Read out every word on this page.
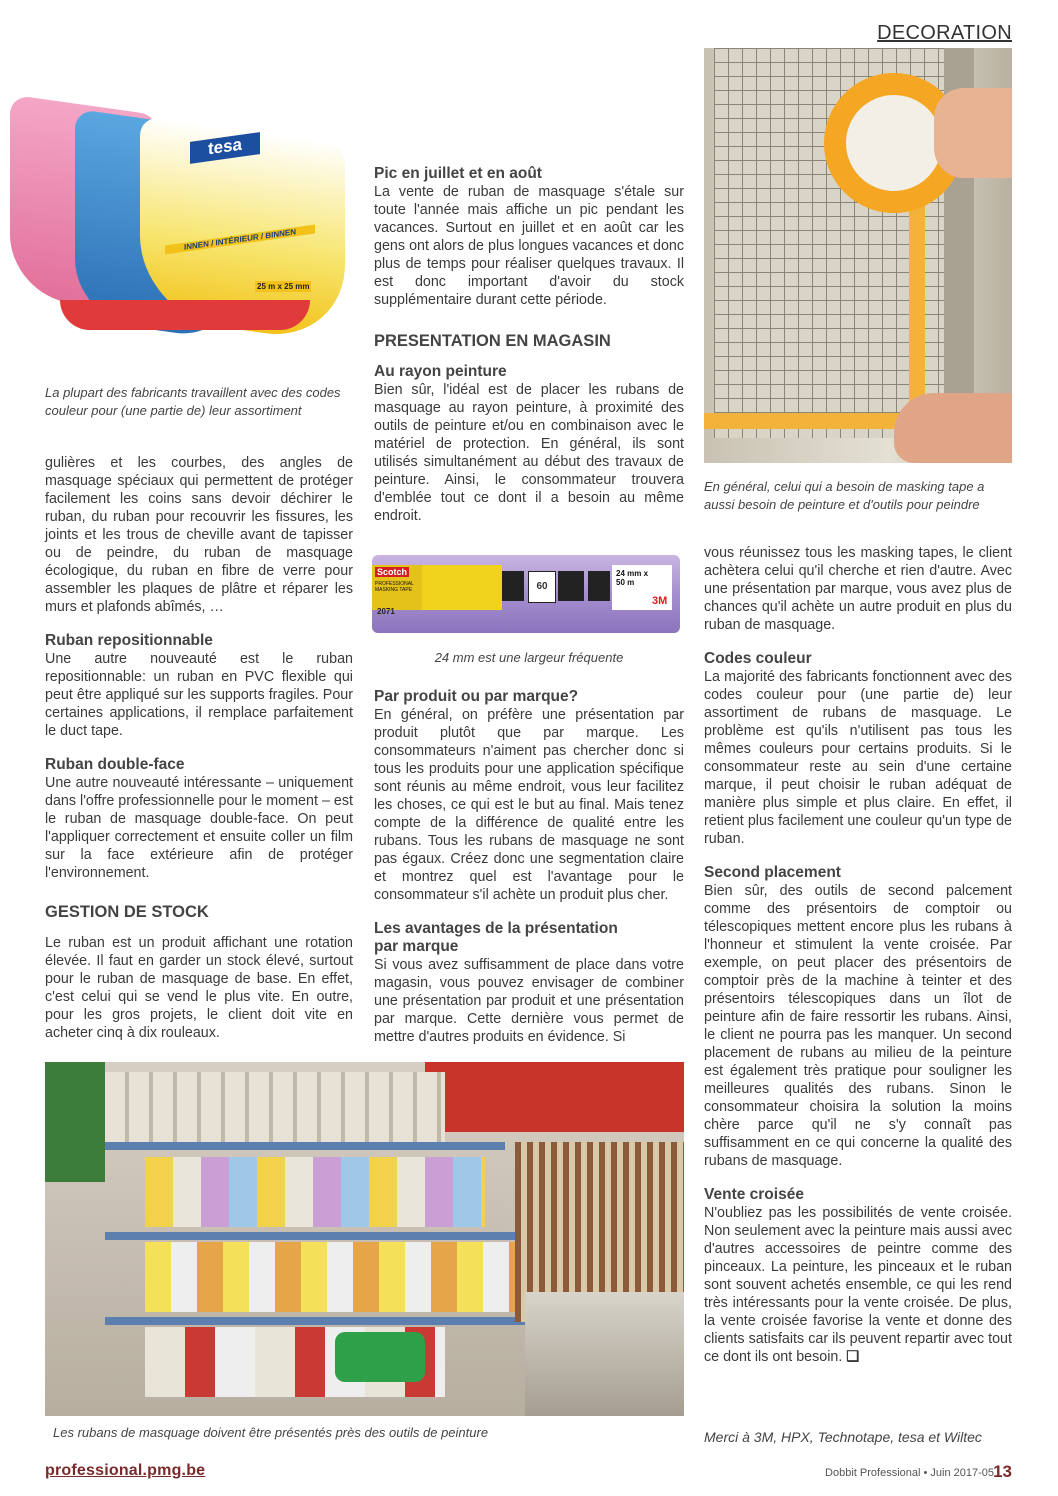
DECORATION
tesa
INNEN / INTÉRIEUR / BINNEN
25 m x 25 mm
La plupart des fabricants travaillent avec des codes couleur pour (une partie de) leur assortiment

gulières et les courbes, des angles de masquage spéciaux qui permettent de protéger facilement les coins sans devoir déchirer le ruban, du ruban pour recouvrir les fissures, les joints et les trous de cheville avant de tapisser ou de peindre, du ruban de masquage écologique, du ruban en fibre de verre pour assembler les plaques de plâtre et réparer les murs et plafonds abîmés, …

Ruban repositionnable

Une autre nouveauté est le ruban repositionnable: un ruban en PVC flexible qui peut être appliqué sur les supports fragiles. Pour certaines applications, il remplace parfaitement le duct tape.

Ruban double-face

Une autre nouveauté intéressante – uniquement dans l'offre professionnelle pour le moment – est le ruban de masquage double-face. On peut l'appliquer correctement et ensuite coller un film sur la face extérieure afin de protéger l'environnement.

GESTION DE STOCK

Le ruban est un produit affichant une rotation élevée. Il faut en garder un stock élevé, surtout pour le ruban de masquage de base. En effet, c'est celui qui se vend le plus vite. En outre, pour les gros projets, le client doit vite en acheter cinq à dix rouleaux.

Pic en juillet et en août

La vente de ruban de masquage s'étale sur toute l'année mais affiche un pic pendant les vacances. Surtout en juillet et en août car les gens ont alors de plus longues vacances et donc plus de temps pour réaliser quelques travaux. Il est donc important d'avoir du stock supplémentaire durant cette période.

PRESENTATION EN MAGASIN

Au rayon peinture

Bien sûr, l'idéal est de placer les rubans de masquage au rayon peinture, à proximité des outils de peinture et/ou en combinaison avec le matériel de protection. En général, ils sont utilisés simultanément au début des travaux de peinture. Ainsi, le consommateur trouvera d'emblée tout ce dont il a besoin au même endroit.

Scotch
PROFESSIONAL MASKING TAPE
2071
60
24 mm x 50 m
3M
24 mm est une largeur fréquente

Par produit ou par marque?

En général, on préfère une présentation par produit plutôt que par marque. Les consommateurs n'aiment pas chercher donc si tous les produits pour une application spécifique sont réunis au même endroit, vous leur facilitez les choses, ce qui est le but au final. Mais tenez compte de la différence de qualité entre les rubans. Tous les rubans de masquage ne sont pas égaux. Créez donc une segmentation claire et montrez quel est l'avantage pour le consommateur s'il achète un produit plus cher.

Les avantages de la présentation

par marque

Si vous avez suffisamment de place dans votre magasin, vous pouvez envisager de combiner une présentation par produit et une présentation par marque. Cette dernière vous permet de mettre d'autres produits en évidence. Si

En général, celui qui a besoin de masking tape a aussi besoin de peinture et d'outils pour peindre

vous réunissez tous les masking tapes, le client achètera celui qu'il cherche et rien d'autre. Avec une présentation par marque, vous avez plus de chances qu'il achète un autre produit en plus du ruban de masquage.

Codes couleur

La majorité des fabricants fonctionnent avec des codes couleur pour (une partie de) leur assortiment de rubans de masquage. Le problème est qu'ils n'utilisent pas tous les mêmes couleurs pour certains produits. Si le consommateur reste au sein d'une certaine marque, il peut choisir le ruban adéquat de manière plus simple et plus claire. En effet, il retient plus facilement une couleur qu'un type de ruban.

Second placement

Bien sûr, des outils de second palcement comme des présentoirs de comptoir ou télescopiques mettent encore plus les rubans à l'honneur et stimulent la vente croisée. Par exemple, on peut placer des présentoirs de comptoir près de la machine à teinter et des présentoirs télescopiques dans un îlot de peinture afin de faire ressortir les rubans. Ainsi, le client ne pourra pas les manquer. Un second placement de rubans au milieu de la peinture est également très pratique pour souligner les meilleures qualités des rubans. Sinon le consommateur choisira la solution la moins chère parce qu'il ne s'y connaît pas suffisamment en ce qui concerne la qualité des rubans de masquage.

Vente croisée

N'oubliez pas les possibilités de vente croisée. Non seulement avec la peinture mais aussi avec d'autres accessoires de peintre comme des pinceaux. La peinture, les pinceaux et le ruban sont souvent achetés ensemble, ce qui les rend très intéressants pour la vente croisée. De plus, la vente croisée favorise la vente et donne des clients satisfaits car ils peuvent repartir avec tout ce dont ils ont besoin. ❑

Merci à 3M, HPX, Technotape, tesa et Wiltec
Les rubans de masquage doivent être présentés près des outils de peinture
professional.pmg.be	Dobbit Professional • Juin 2017-05 13
